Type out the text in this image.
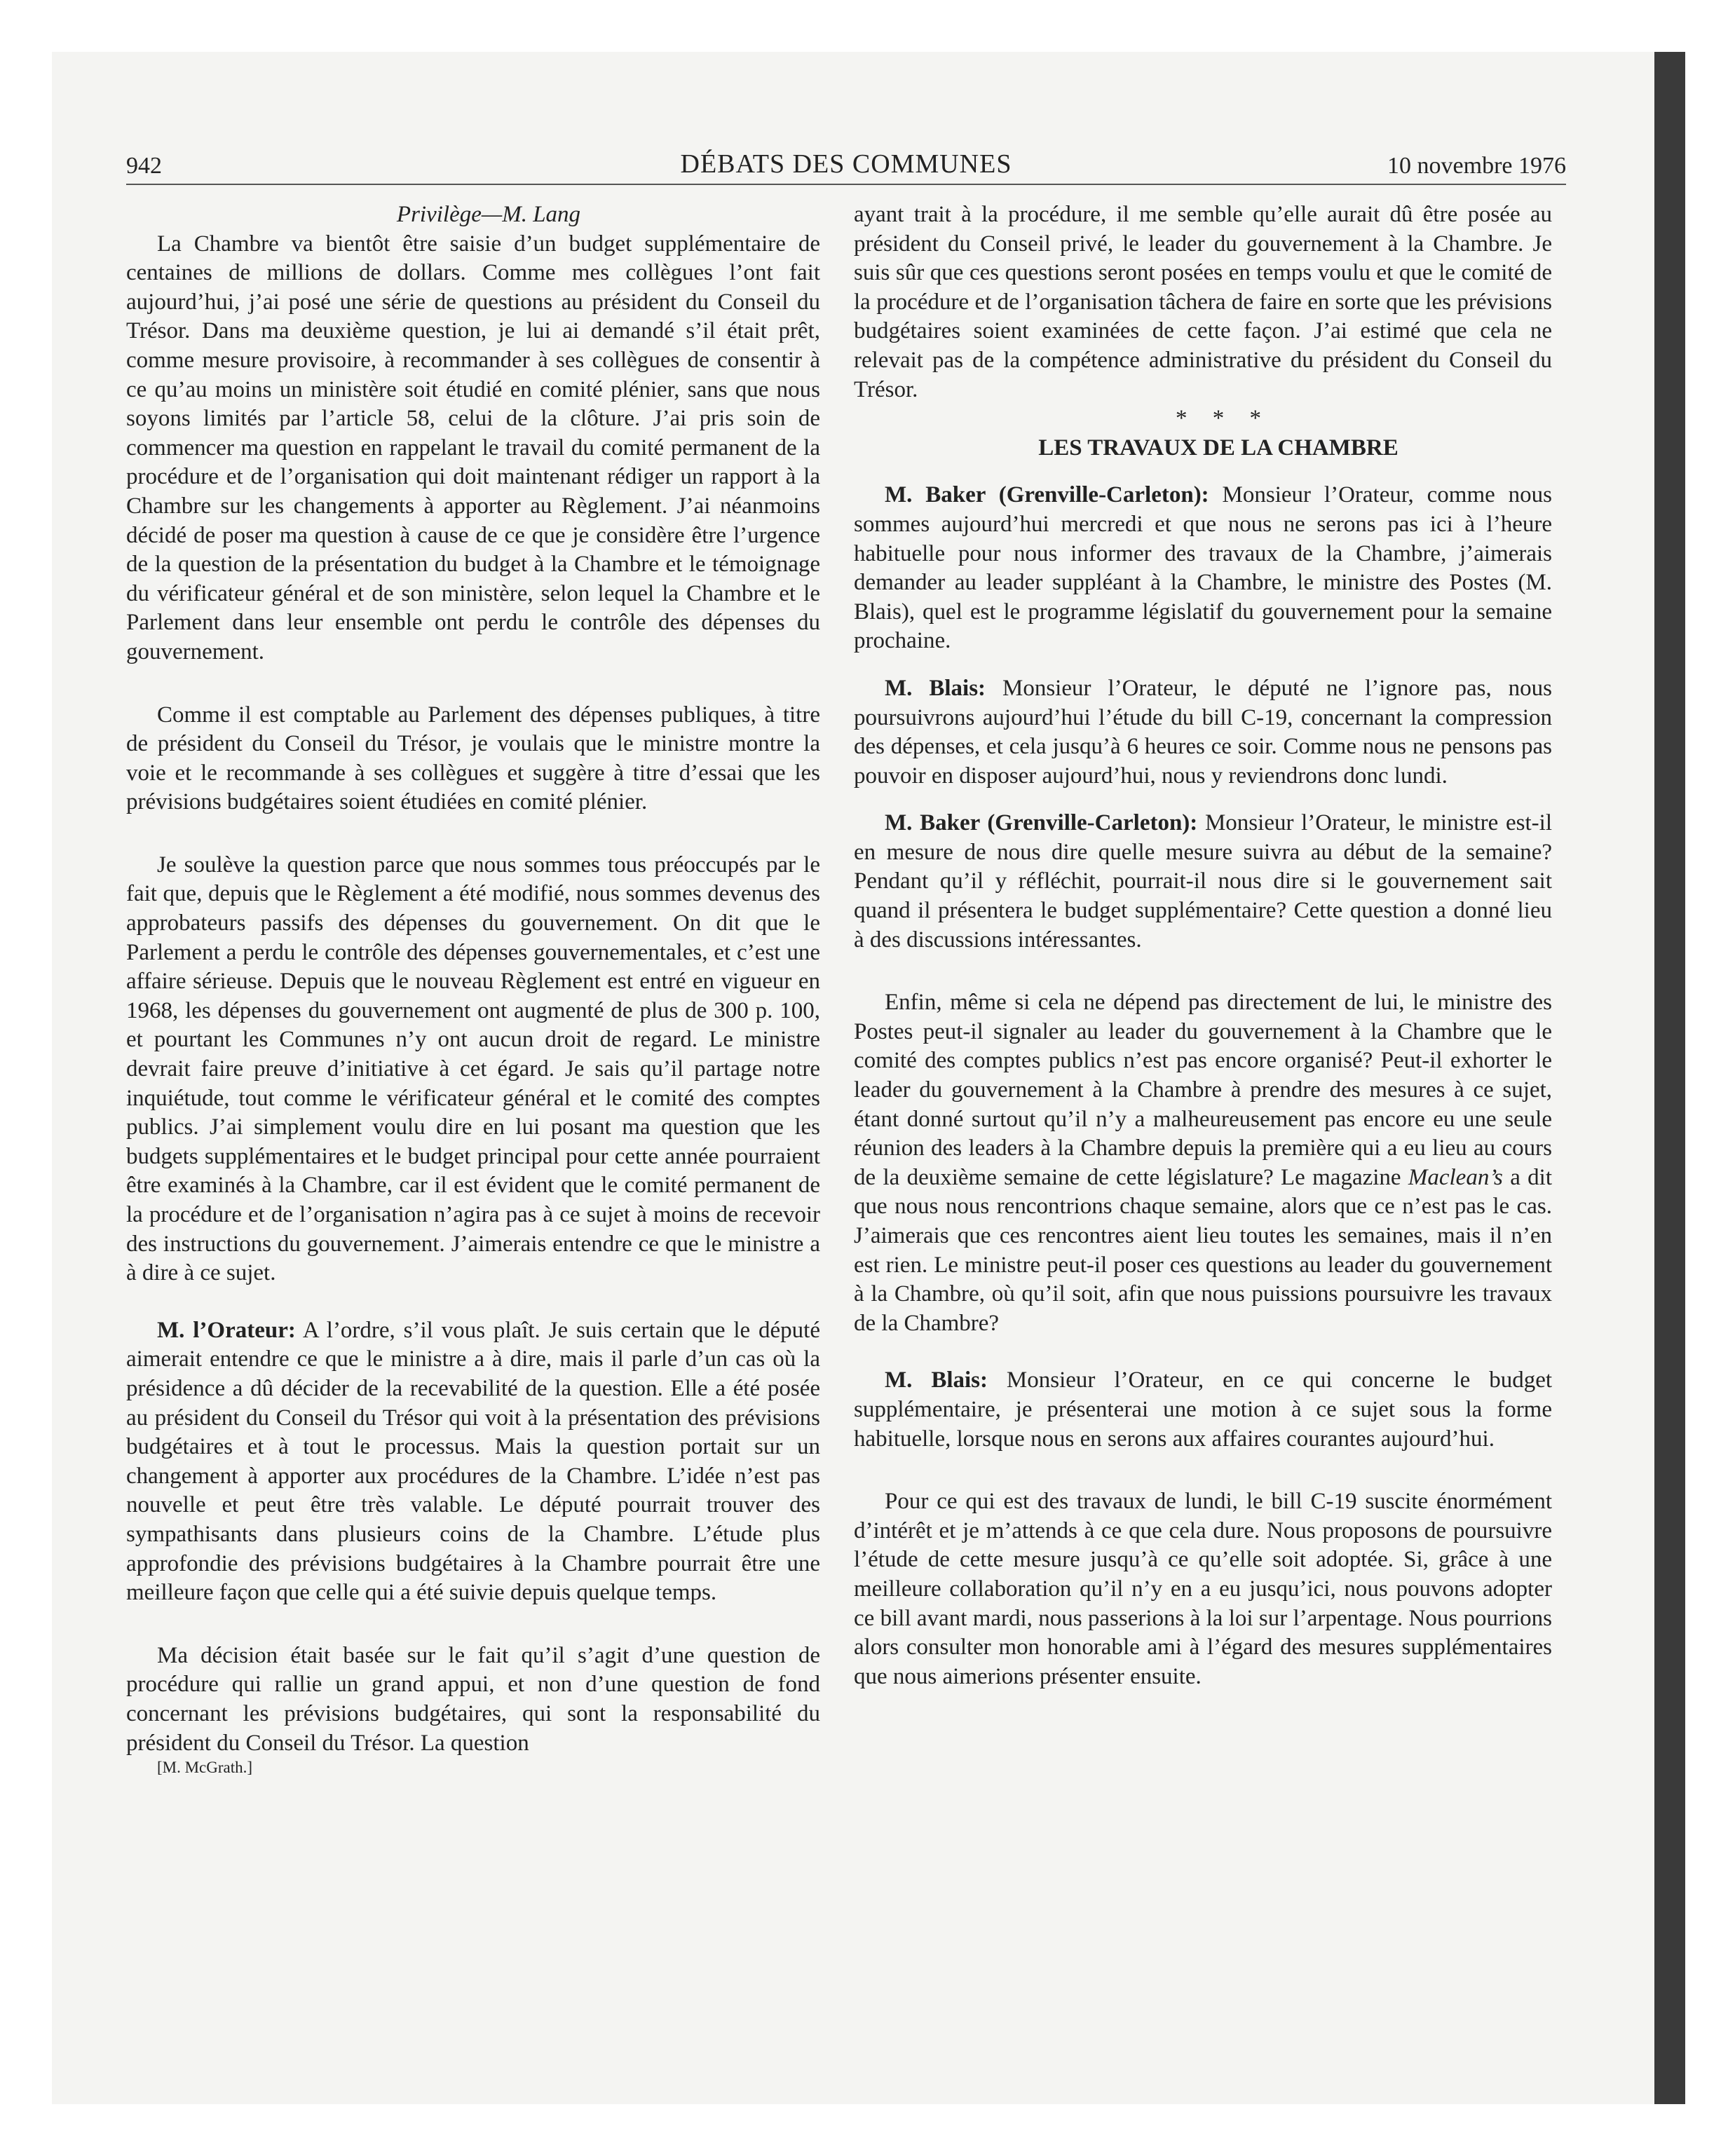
942	DÉBATS DES COMMUNES	10 novembre 1976

Privilège—M. Lang

La Chambre va bientôt être saisie d’un budget supplémentaire de centaines de millions de dollars. Comme mes collègues l’ont fait aujourd’hui, j’ai posé une série de questions au président du Conseil du Trésor. Dans ma deuxième question, je lui ai demandé s’il était prêt, comme mesure provisoire, à recommander à ses collègues de consentir à ce qu’au moins un ministère soit étudié en comité plénier, sans que nous soyons limités par l’article 58, celui de la clôture. J’ai pris soin de commencer ma question en rappelant le travail du comité permanent de la procédure et de l’organisation qui doit maintenant rédiger un rapport à la Chambre sur les changements à apporter au Règlement. J’ai néanmoins décidé de poser ma question à cause de ce que je considère être l’urgence de la question de la présentation du budget à la Chambre et le témoignage du vérificateur général et de son ministère, selon lequel la Chambre et le Parlement dans leur ensemble ont perdu le contrôle des dépenses du gouvernement.

Comme il est comptable au Parlement des dépenses publiques, à titre de président du Conseil du Trésor, je voulais que le ministre montre la voie et le recommande à ses collègues et suggère à titre d’essai que les prévisions budgétaires soient étudiées en comité plénier.

Je soulève la question parce que nous sommes tous préoccupés par le fait que, depuis que le Règlement a été modifié, nous sommes devenus des approbateurs passifs des dépenses du gouvernement. On dit que le Parlement a perdu le contrôle des dépenses gouvernementales, et c’est une affaire sérieuse. Depuis que le nouveau Règlement est entré en vigueur en 1968, les dépenses du gouvernement ont augmenté de plus de 300 p. 100, et pourtant les Communes n’y ont aucun droit de regard. Le ministre devrait faire preuve d’initiative à cet égard. Je sais qu’il partage notre inquiétude, tout comme le vérificateur général et le comité des comptes publics. J’ai simplement voulu dire en lui posant ma question que les budgets supplémentaires et le budget principal pour cette année pourraient être examinés à la Chambre, car il est évident que le comité permanent de la procédure et de l’organisation n’agira pas à ce sujet à moins de recevoir des instructions du gouvernement. J’aimerais entendre ce que le ministre a à dire à ce sujet.

M. l’Orateur: A l’ordre, s’il vous plaît. Je suis certain que le député aimerait entendre ce que le ministre a à dire, mais il parle d’un cas où la présidence a dû décider de la recevabilité de la question. Elle a été posée au président du Conseil du Trésor qui voit à la présentation des prévisions budgétaires et à tout le processus. Mais la question portait sur un changement à apporter aux procédures de la Chambre. L’idée n’est pas nouvelle et peut être très valable. Le député pourrait trouver des sympathisants dans plusieurs coins de la Chambre. L’étude plus approfondie des prévisions budgétaires à la Chambre pourrait être une meilleure façon que celle qui a été suivie depuis quelque temps.

Ma décision était basée sur le fait qu’il s’agit d’une question de procédure qui rallie un grand appui, et non d’une question de fond concernant les prévisions budgétaires, qui sont la responsabilité du président du Conseil du Trésor. La question

[M. McGrath.]

ayant trait à la procédure, il me semble qu’elle aurait dû être posée au président du Conseil privé, le leader du gouvernement à la Chambre. Je suis sûr que ces questions seront posées en temps voulu et que le comité de la procédure et de l’organisation tâchera de faire en sorte que les prévisions budgétaires soient examinées de cette façon. J’ai estimé que cela ne relevait pas de la compétence administrative du président du Conseil du Trésor.

* * *

LES TRAVAUX DE LA CHAMBRE

M. Baker (Grenville-Carleton): Monsieur l’Orateur, comme nous sommes aujourd’hui mercredi et que nous ne serons pas ici à l’heure habituelle pour nous informer des travaux de la Chambre, j’aimerais demander au leader suppléant à la Chambre, le ministre des Postes (M. Blais), quel est le programme législatif du gouvernement pour la semaine prochaine.

M. Blais: Monsieur l’Orateur, le député ne l’ignore pas, nous poursuivrons aujourd’hui l’étude du bill C-19, concernant la compression des dépenses, et cela jusqu’à 6 heures ce soir. Comme nous ne pensons pas pouvoir en disposer aujourd’hui, nous y reviendrons donc lundi.

M. Baker (Grenville-Carleton): Monsieur l’Orateur, le ministre est-il en mesure de nous dire quelle mesure suivra au début de la semaine? Pendant qu’il y réfléchit, pourrait-il nous dire si le gouvernement sait quand il présentera le budget supplémentaire? Cette question a donné lieu à des discussions intéressantes.

Enfin, même si cela ne dépend pas directement de lui, le ministre des Postes peut-il signaler au leader du gouvernement à la Chambre que le comité des comptes publics n’est pas encore organisé? Peut-il exhorter le leader du gouvernement à la Chambre à prendre des mesures à ce sujet, étant donné surtout qu’il n’y a malheureusement pas encore eu une seule réunion des leaders à la Chambre depuis la première qui a eu lieu au cours de la deuxième semaine de cette législature? Le magazine Maclean’s a dit que nous nous rencontrions chaque semaine, alors que ce n’est pas le cas. J’aimerais que ces rencontres aient lieu toutes les semaines, mais il n’en est rien. Le ministre peut-il poser ces questions au leader du gouvernement à la Chambre, où qu’il soit, afin que nous puissions poursuivre les travaux de la Chambre?

M. Blais: Monsieur l’Orateur, en ce qui concerne le budget supplémentaire, je présenterai une motion à ce sujet sous la forme habituelle, lorsque nous en serons aux affaires courantes aujourd’hui.

Pour ce qui est des travaux de lundi, le bill C-19 suscite énormément d’intérêt et je m’attends à ce que cela dure. Nous proposons de poursuivre l’étude de cette mesure jusqu’à ce qu’elle soit adoptée. Si, grâce à une meilleure collaboration qu’il n’y en a eu jusqu’ici, nous pouvons adopter ce bill avant mardi, nous passerions à la loi sur l’arpentage. Nous pourrions alors consulter mon honorable ami à l’égard des mesures supplémentaires que nous aimerions présenter ensuite.
